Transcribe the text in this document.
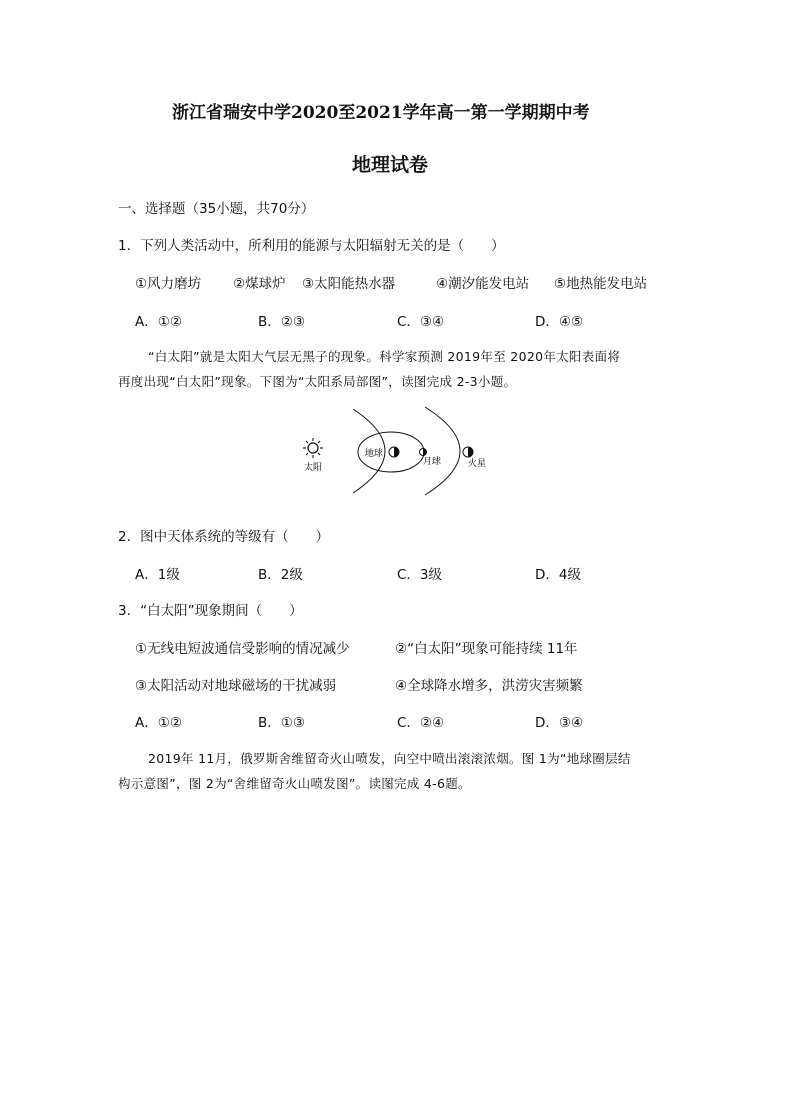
浙江省瑞安中学2020至2021学年高一第一学期期中考
地理试卷
一、选择题（35小题，共70分）
1．下列人类活动中，所利用的能源与太阳辐射无关的是（　　）
①风力磨坊 ②煤球炉 ③太阳能热水器	④潮汐能发电站 ⑤地热能发电站
A．①②	B．②③	C．③④	D．④⑤
“白太阳”就是太阳大气层无黑子的现象。科学家预测 2019年至 2020年太阳表面将
再度出现“白太阳”现象。下图为“太阳系局部图”，读图完成 2-3小题。
太阳
地球
月球	火星
2．图中天体系统的等级有（　　）
A．1级	B．2级	C．3级	D．4级
3．“白太阳”现象期间（　　）
①无线电短波通信受影响的情况减少	②“白太阳”现象可能持续 11年
③太阳活动对地球磁场的干扰减弱	④全球降水增多，洪涝灾害频繁
A．①②	B．①③	C．②④	D．③④
2019年 11月，俄罗斯舍维留奇火山喷发，向空中喷出滚滚浓烟。图 1为“地球圈层结
构示意图”，图 2为“舍维留奇火山喷发图”。读图完成 4-6题。
